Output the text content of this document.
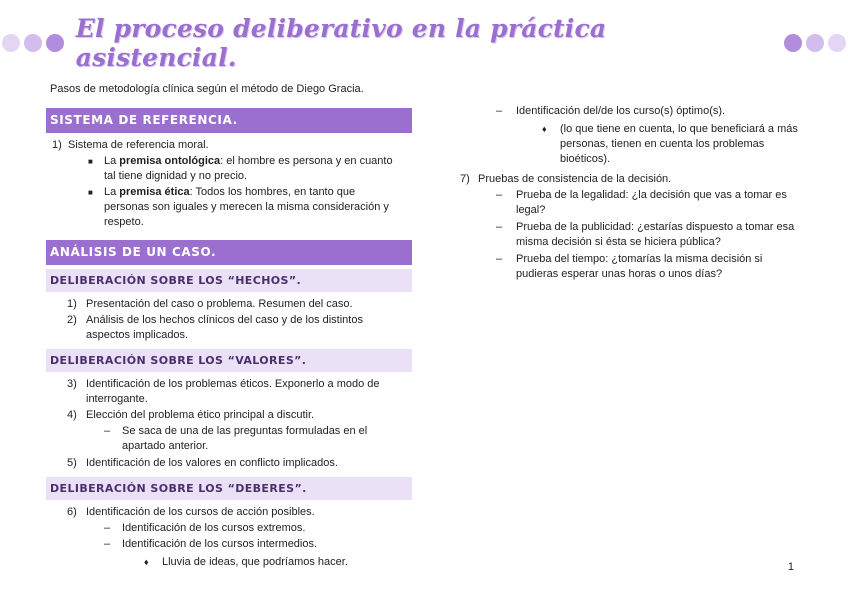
El proceso deliberativo en la práctica asistencial.
Pasos de metodología clínica según el método de Diego Gracia.
SISTEMA DE REFERENCIA.
1) Sistema de referencia moral.
■ La premisa ontológica: el hombre es persona y en cuanto tal tiene dignidad y no precio.
■ La premisa ética: Todos los hombres, en tanto que personas son iguales y merecen la misma consideración y respeto.
ANÁLISIS DE UN CASO.
DELIBERACIÓN SOBRE LOS “HECHOS”.
1) Presentación del caso o problema. Resumen del caso.
2) Análisis de los hechos clínicos del caso y de los distintos aspectos implicados.
DELIBERACIÓN SOBRE LOS “VALORES”.
3) Identificación de los problemas éticos. Exponerlo a modo de interrogante.
4) Elección del problema ético principal a discutir.
– Se saca de una de las preguntas formuladas en el apartado anterior.
5) Identificación de los valores en conflicto implicados.
DELIBERACIÓN SOBRE LOS “DEBERES”.
6) Identificación de los cursos de acción posibles.
– Identificación de los cursos extremos.
– Identificación de los cursos intermedios.
♦ Lluvia de ideas, que podríamos hacer.
– Identificación del/de los curso(s) óptimo(s).
♦ (lo que tiene en cuenta, lo que beneficiará a más personas, tienen en cuenta los problemas bioéticos).
7) Pruebas de consistencia de la decisión.
– Prueba de la legalidad: ¿la decisión que vas a tomar es legal?
– Prueba de la publicidad: ¿estarías dispuesto a tomar esa misma decisión si ésta se hiciera pública?
– Prueba del tiempo: ¿tomarías la misma decisión si pudieras esperar unas horas o unos días?
1
